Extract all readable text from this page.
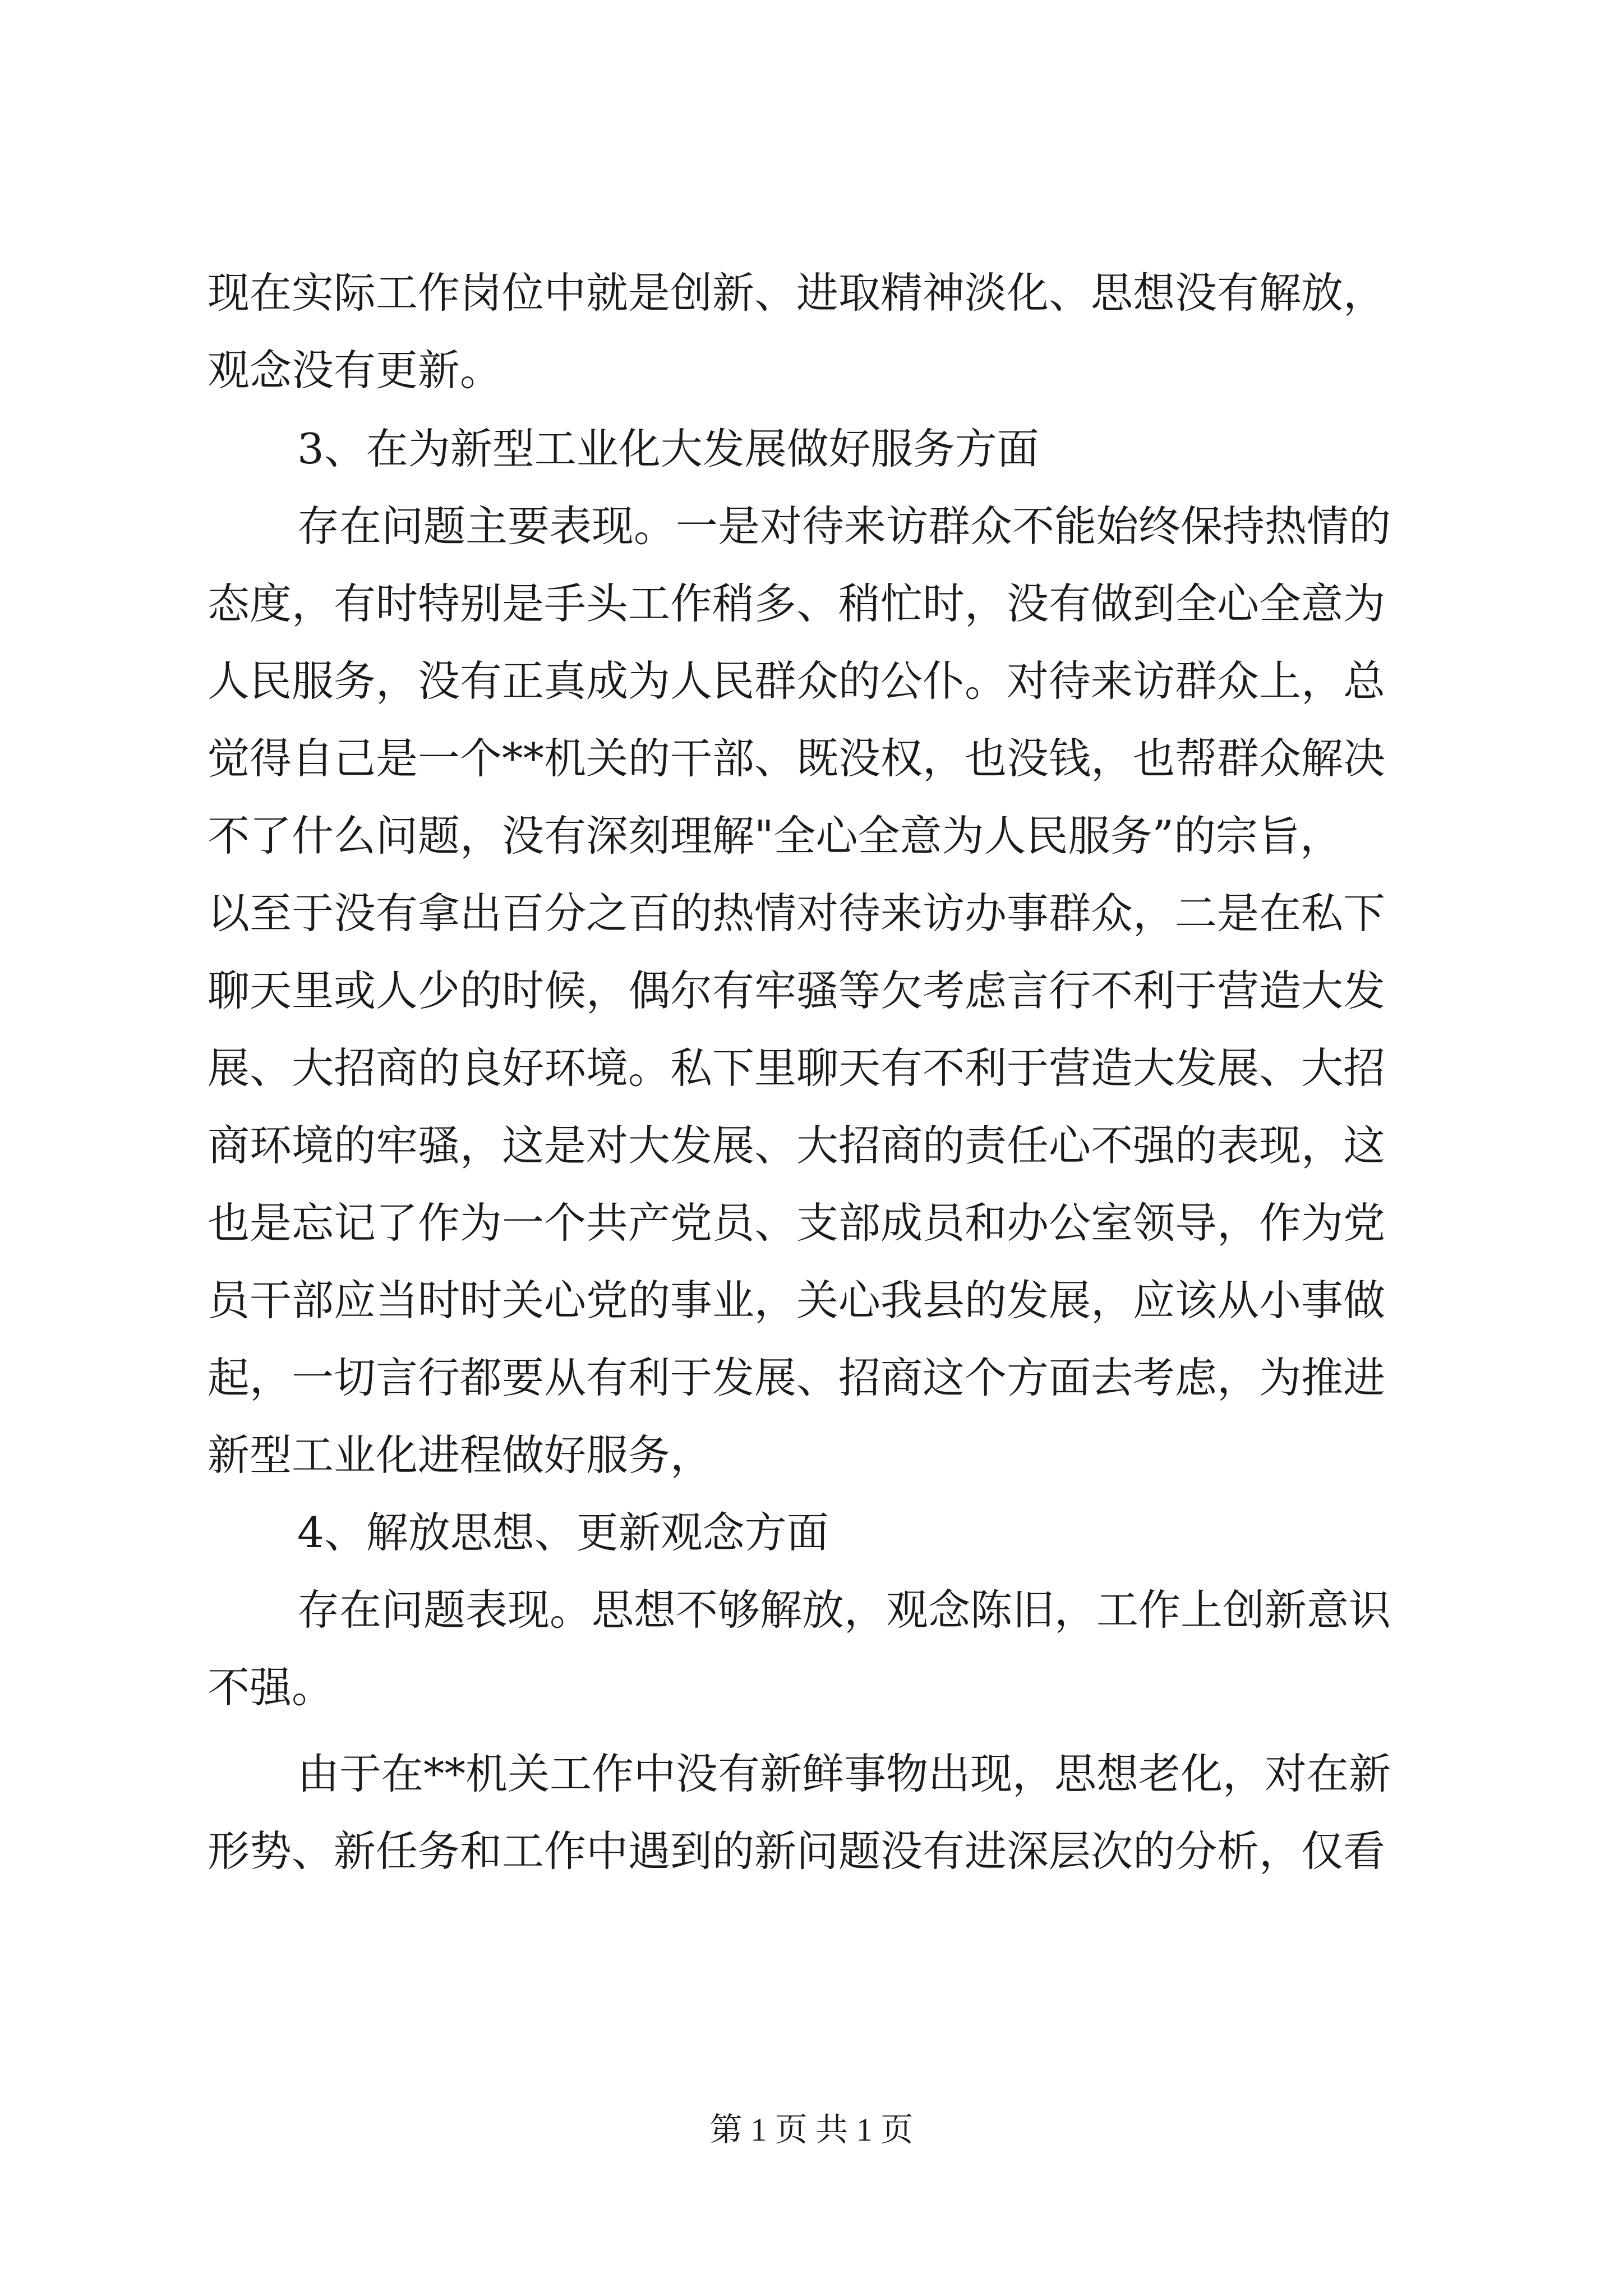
现在实际工作岗位中就是创新、进取精神淡化、思想没有解放，

观念没有更新。

3、在为新型工业化大发展做好服务方面

存在问题主要表现。一是对待来访群众不能始终保持热情的

态度，有时特别是手头工作稍多、稍忙时，没有做到全心全意为

人民服务，没有正真成为人民群众的公仆。对待来访群众上，总

觉得自己是一个**机关的干部、既没权，也没钱，也帮群众解决

不了什么问题，没有深刻理解"全心全意为人民服务”的宗旨，

以至于没有拿出百分之百的热情对待来访办事群众，二是在私下

聊天里或人少的时候，偶尔有牢骚等欠考虑言行不利于营造大发

展、大招商的良好环境。私下里聊天有不利于营造大发展、大招

商环境的牢骚，这是对大发展、大招商的责任心不强的表现，这

也是忘记了作为一个共产党员、支部成员和办公室领导，作为党

员干部应当时时关心党的事业，关心我县的发展，应该从小事做

起，一切言行都要从有利于发展、招商这个方面去考虑，为推进

新型工业化进程做好服务，

4、解放思想、更新观念方面

存在问题表现。思想不够解放，观念陈旧，工作上创新意识

不强。

由于在**机关工作中没有新鲜事物出现，思想老化，对在新

形势、新任务和工作中遇到的新问题没有进深层次的分析，仅看

第 1 页 共 1 页
